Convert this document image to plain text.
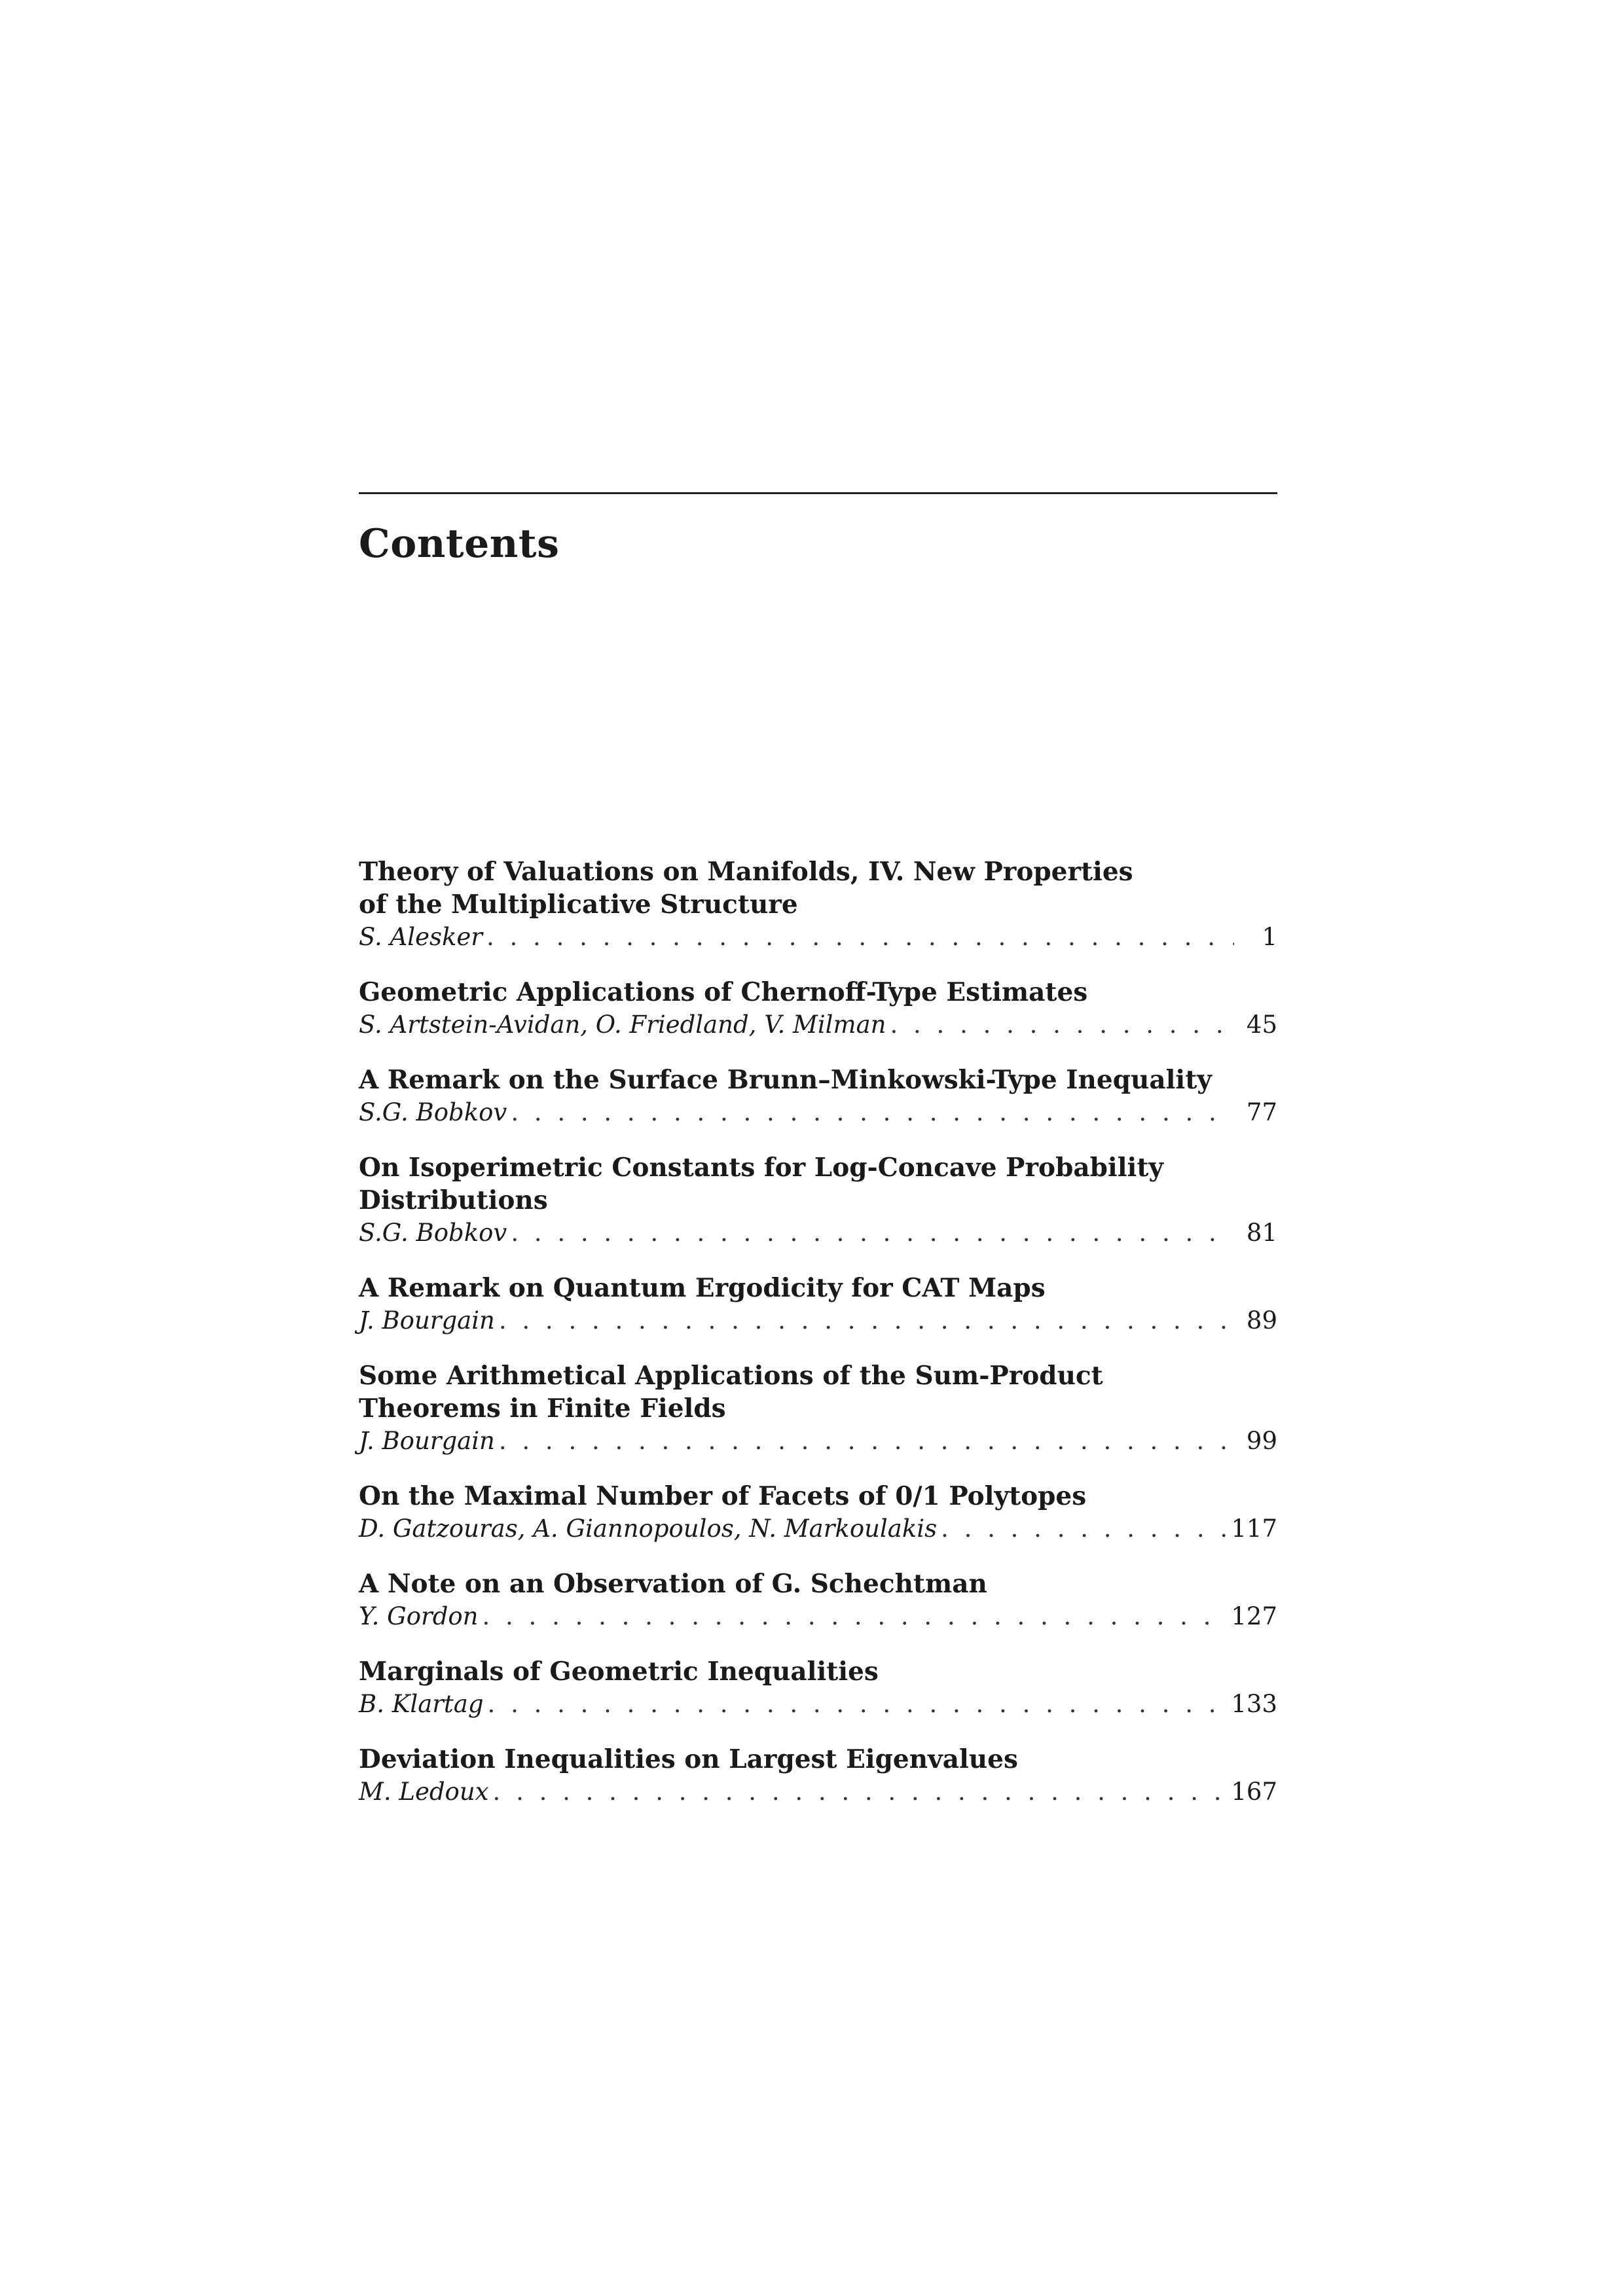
Contents

Theory of Valuations on Manifolds, IV. New Properties

of the Multiplicative Structure

S. Alesker . . .	1

Geometric Applications of Chernoff-Type Estimates

S. Artstein-Avidan, O. Friedland, V. Milman . . .	45

A Remark on the Surface Brunn–Minkowski-Type Inequality

S.G. Bobkov . . .	77

On Isoperimetric Constants for Log-Concave Probability

Distributions

S.G. Bobkov . . .	81

A Remark on Quantum Ergodicity for CAT Maps

J. Bourgain . . .	89

Some Arithmetical Applications of the Sum-Product

Theorems in Finite Fields

J. Bourgain . . .	99

On the Maximal Number of Facets of 0/1 Polytopes

D. Gatzouras, A. Giannopoulos, N. Markoulakis . . .	117

A Note on an Observation of G. Schechtman

Y. Gordon . . .	127

Marginals of Geometric Inequalities

B. Klartag . . .	133

Deviation Inequalities on Largest Eigenvalues

M. Ledoux . . .	167
